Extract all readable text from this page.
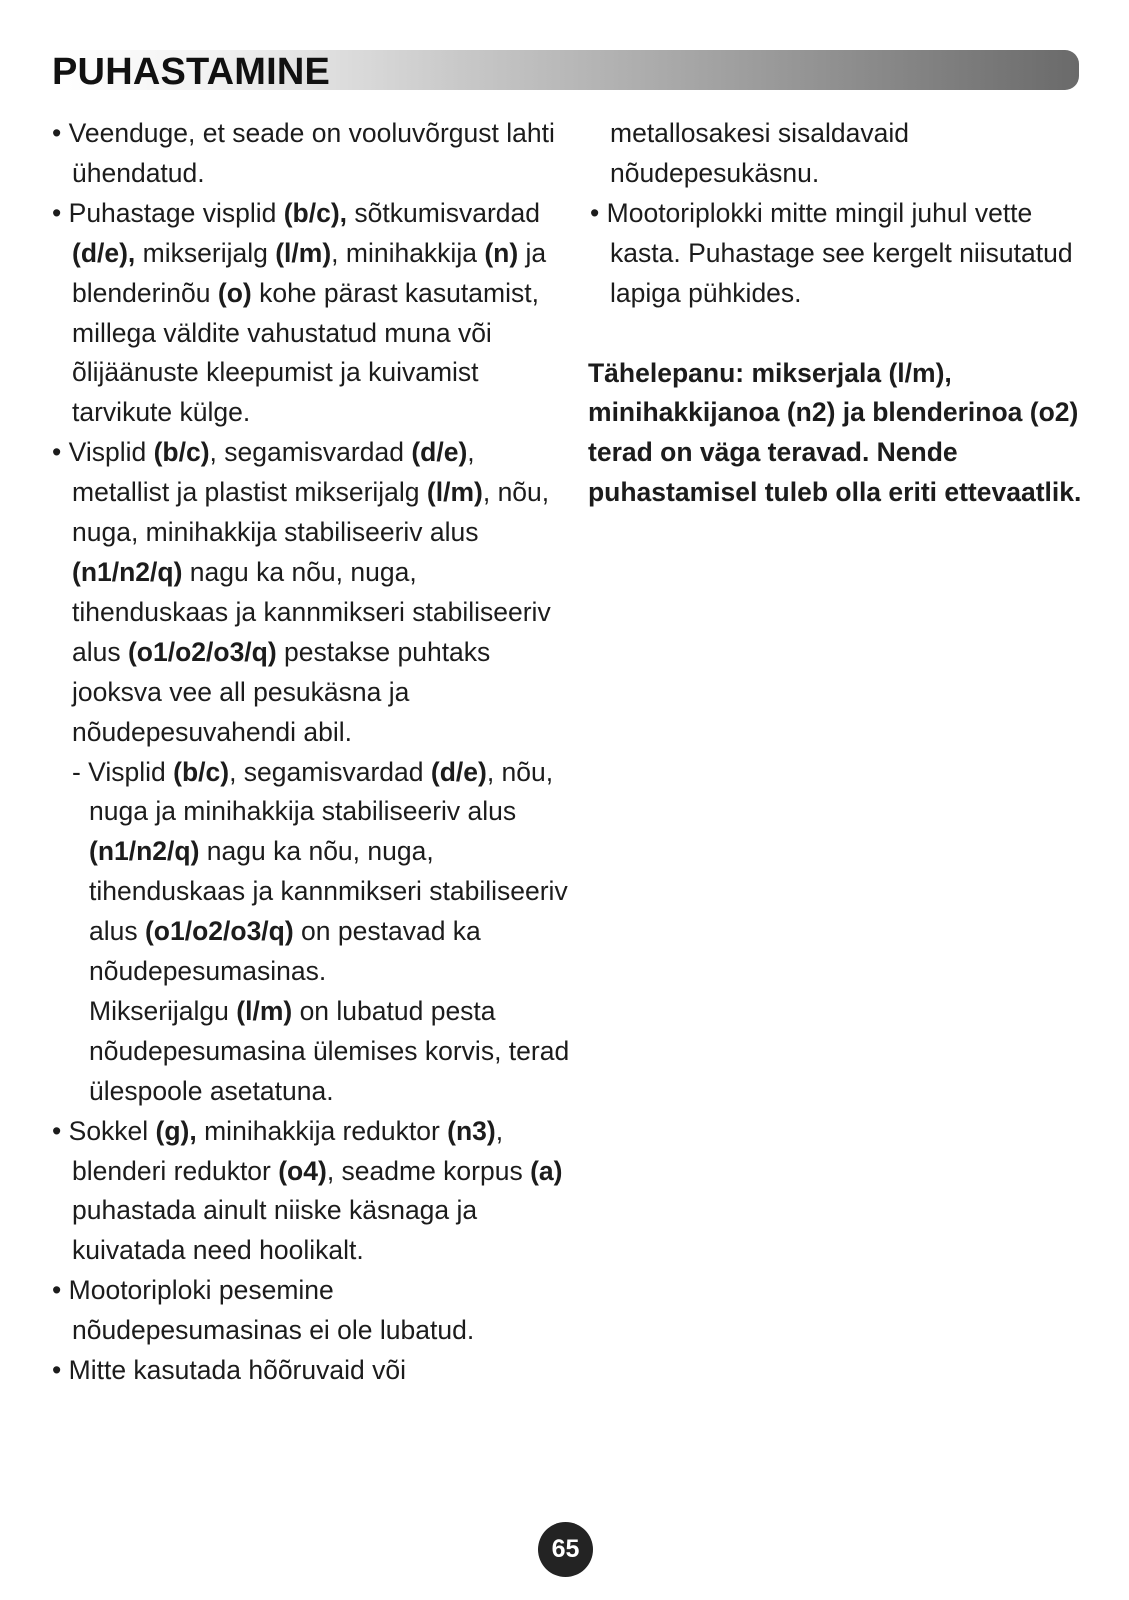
PUHASTAMINE
• Veenduge, et seade on vooluvõrgust lahti ühendatud.
• Puhastage visplid (b/c), sõtkumisvardad (d/e), mikserijalg (l/m), minihakkija (n) ja blenderinõu (o) kohe pärast kasutamist, millega väldite vahustatud muna või õlijäänuste kleepumist ja kuivamist tarvikute külge.
• Visplid (b/c), segamisvardad (d/e), metallist ja plastist mikserijalg (l/m), nõu, nuga, minihakkija stabiliseeriv alus (n1/n2/q) nagu ka nõu, nuga, tihenduskaas ja kannmikseri stabiliseeriv alus (o1/o2/o3/q) pestakse puhtaks jooksva vee all pesukäsna ja nõudepesuvahendi abil.
- Visplid (b/c), segamisvardad (d/e), nõu, nuga ja minihakkija stabiliseeriv alus (n1/n2/q) nagu ka nõu, nuga, tihenduskaas ja kannmikseri stabiliseeriv alus (o1/o2/o3/q) on pestavad ka nõudepesumasinas.
Mikserijalgu (l/m) on lubatud pesta nõudepesumasina ülemises korvis, terad ülespoole asetatuna.
• Sokkel (g), minihakkija reduktor (n3), blenderi reduktor (o4), seadme korpus (a) puhastada ainult niiske käsnaga ja kuivatada need hoolikalt.
• Mootoriploki pesemine nõudepesumasinas ei ole lubatud.
• Mitte kasutada hõõruvaid või
metallosakesi sisaldavaid nõudepesukäsnu.
• Mootoriplokki mitte mingil juhul vette kasta. Puhastage see kergelt niisutatud lapiga pühkides.
Tähelepanu: mikserjala (l/m), minihakkijanoa (n2) ja blenderinoa (o2) terad on väga teravad. Nende puhastamisel tuleb olla eriti ettevaatlik.
65
